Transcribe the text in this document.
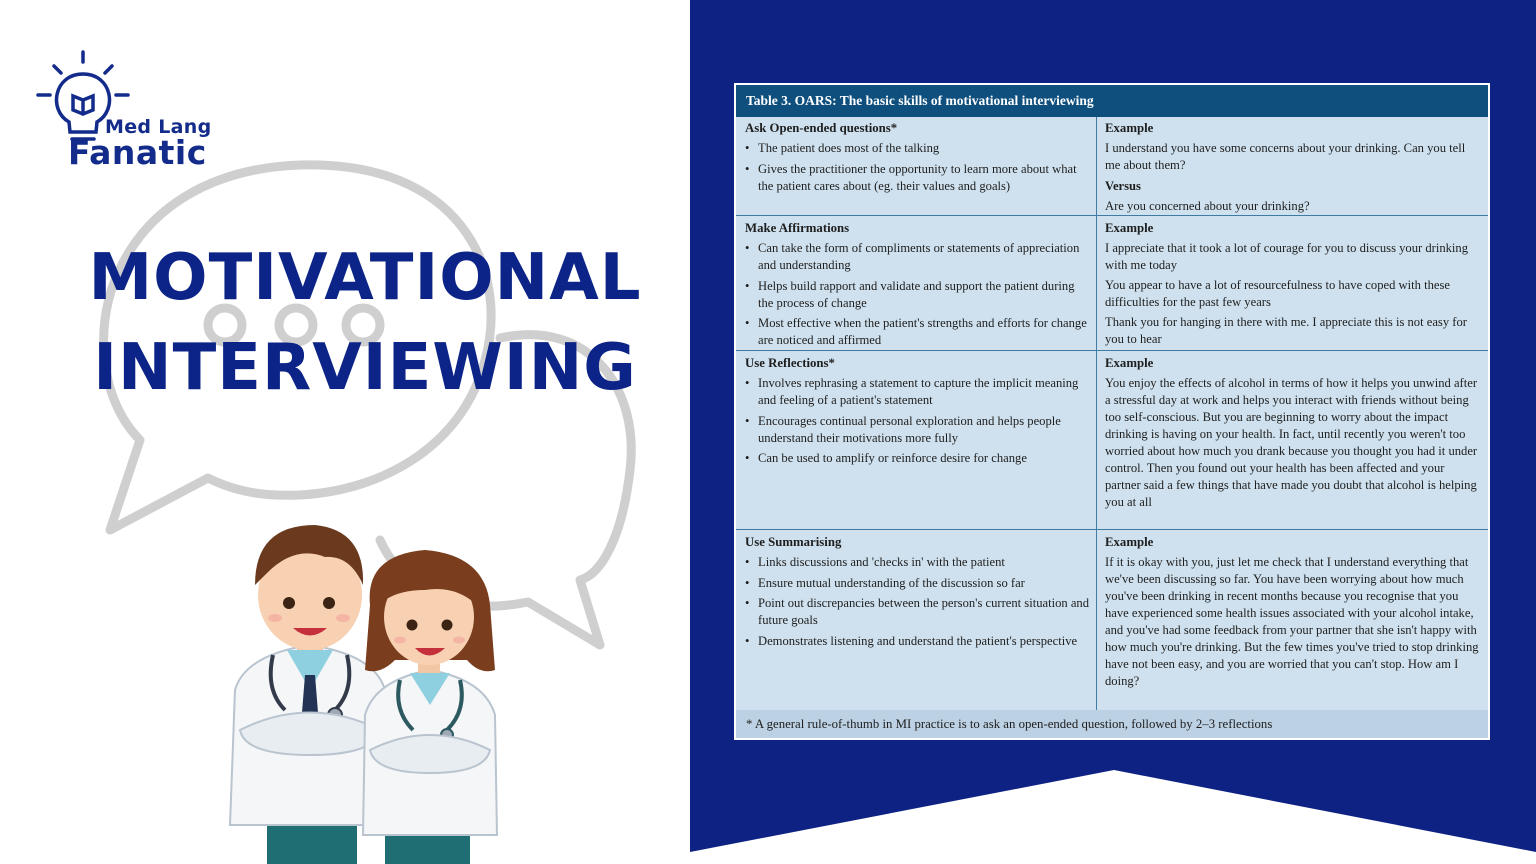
Med Lang
Fanatic
MOTIVATIONAL
INTERVIEWING
Table 3. OARS: The basic skills of motivational interviewing
Ask Open-ended questions*
• The patient does most of the talking
• Gives the practitioner the opportunity to learn more about what the patient cares about (eg. their values and goals)
Example

I understand you have some concerns about your drinking. Can you tell me about them?

Versus

Are you concerned about your drinking?

Make Affirmations
• Can take the form of compliments or statements of appreciation and understanding
• Helps build rapport and validate and support the patient during the process of change
• Most effective when the patient's strengths and efforts for change are noticed and affirmed
Example

I appreciate that it took a lot of courage for you to discuss your drinking with me today

You appear to have a lot of resourcefulness to have coped with these difficulties for the past few years

Thank you for hanging in there with me. I appreciate this is not easy for you to hear

Use Reflections*
• Involves rephrasing a statement to capture the implicit meaning and feeling of a patient's statement
• Encourages continual personal exploration and helps people understand their motivations more fully
• Can be used to amplify or reinforce desire for change
Example

You enjoy the effects of alcohol in terms of how it helps you unwind after a stressful day at work and helps you interact with friends without being too self-conscious. But you are beginning to worry about the impact drinking is having on your health. In fact, until recently you weren't too worried about how much you drank because you thought you had it under control. Then you found out your health has been affected and your partner said a few things that have made you doubt that alcohol is helping you at all

Use Summarising
• Links discussions and 'checks in' with the patient
• Ensure mutual understanding of the discussion so far
• Point out discrepancies between the person's current situation and future goals
• Demonstrates listening and understand the patient's perspective
Example

If it is okay with you, just let me check that I understand everything that we've been discussing so far. You have been worrying about how much you've been drinking in recent months because you recognise that you have experienced some health issues associated with your alcohol intake, and you've had some feedback from your partner that she isn't happy with how much you're drinking. But the few times you've tried to stop drinking have not been easy, and you are worried that you can't stop. How am I doing?

* A general rule-of-thumb in MI practice is to ask an open-ended question, followed by 2–3 reflections
